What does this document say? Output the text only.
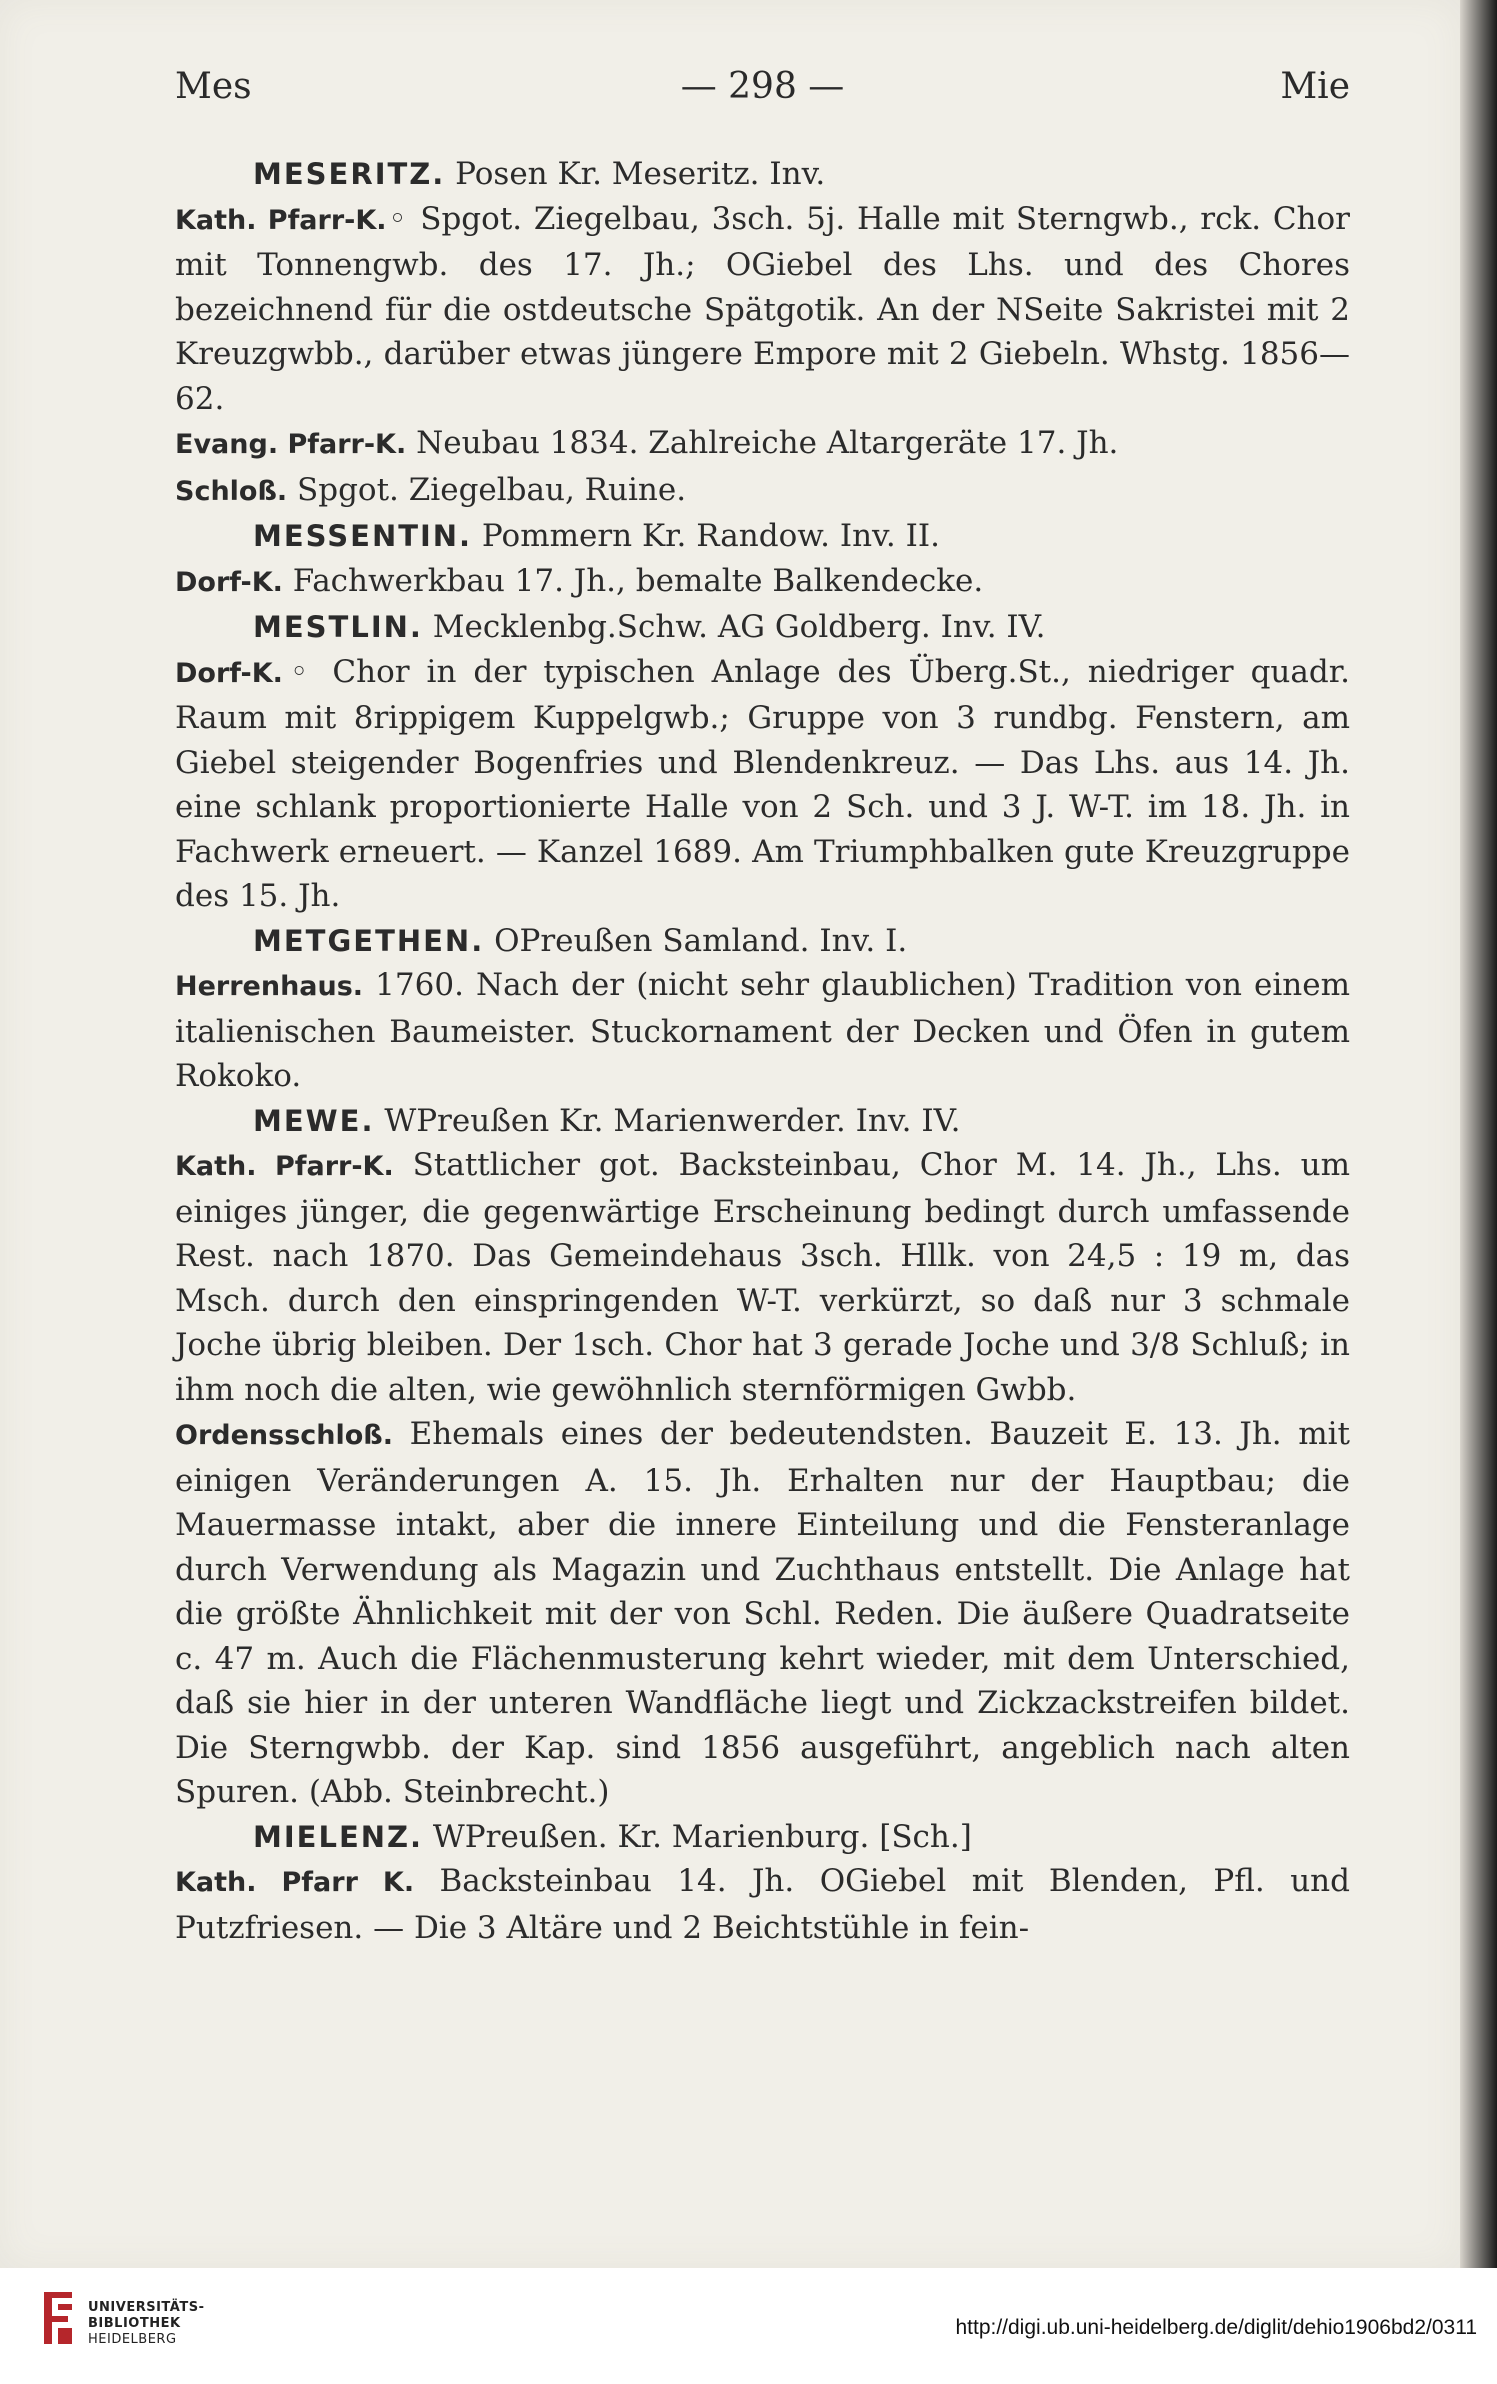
Mes	— 298 —	Mie

MESERITZ. Posen Kr. Meseritz. Inv.

Kath. Pfarr-K.◦ Spgot. Ziegelbau, 3sch. 5j. Halle mit Sterngwb., rck. Chor mit Tonnengwb. des 17. Jh.; OGiebel des Lhs. und des Chores bezeichnend für die ostdeutsche Spätgotik. An der NSeite Sakristei mit 2 Kreuzgwbb., darüber etwas jüngere Empore mit 2 Giebeln. Whstg. 1856—62.

Evang. Pfarr-K. Neubau 1834. Zahlreiche Altargeräte 17. Jh.

Schloß. Spgot. Ziegelbau, Ruine.

MESSENTIN. Pommern Kr. Randow. Inv. II.

Dorf-K. Fachwerkbau 17. Jh., bemalte Balkendecke.

MESTLIN. Mecklenbg.Schw. AG Goldberg. Inv. IV.

Dorf-K.◦ Chor in der typischen Anlage des Überg.St., niedriger quadr. Raum mit 8rippigem Kuppelgwb.; Gruppe von 3 rundbg. Fenstern, am Giebel steigender Bogenfries und Blendenkreuz. — Das Lhs. aus 14. Jh. eine schlank proportionierte Halle von 2 Sch. und 3 J. W-T. im 18. Jh. in Fachwerk erneuert. — Kanzel 1689. Am Triumphbalken gute Kreuzgruppe des 15. Jh.

METGETHEN. OPreußen Samland. Inv. I.

Herrenhaus. 1760. Nach der (nicht sehr glaublichen) Tradition von einem italienischen Baumeister. Stuckornament der Decken und Öfen in gutem Rokoko.

MEWE. WPreußen Kr. Marienwerder. Inv. IV.

Kath. Pfarr-K. Stattlicher got. Backsteinbau, Chor M. 14. Jh., Lhs. um einiges jünger, die gegenwärtige Erscheinung bedingt durch umfassende Rest. nach 1870. Das Gemeindehaus 3sch. Hllk. von 24,5 : 19 m, das Msch. durch den einspringenden W-T. verkürzt, so daß nur 3 schmale Joche übrig bleiben. Der 1sch. Chor hat 3 gerade Joche und 3/8 Schluß; in ihm noch die alten, wie gewöhnlich sternförmigen Gwbb.

Ordensschloß. Ehemals eines der bedeutendsten. Bauzeit E. 13. Jh. mit einigen Veränderungen A. 15. Jh. Erhalten nur der Hauptbau; die Mauermasse intakt, aber die innere Einteilung und die Fensteranlage durch Verwendung als Magazin und Zuchthaus entstellt. Die Anlage hat die größte Ähnlichkeit mit der von Schl. Reden. Die äußere Quadratseite c. 47 m. Auch die Flächenmusterung kehrt wieder, mit dem Unterschied, daß sie hier in der unteren Wandfläche liegt und Zickzackstreifen bildet. Die Sterngwbb. der Kap. sind 1856 ausgeführt, angeblich nach alten Spuren. (Abb. Steinbrecht.)

MIELENZ. WPreußen. Kr. Marienburg. [Sch.]

Kath. Pfarr K. Backsteinbau 14. Jh. OGiebel mit Blenden, Pfl. und Putzfriesen. — Die 3 Altäre und 2 Beichtstühle in fein-

UNIVERSITÄTS-
BIBLIOTHEK
HEIDELBERG
http://digi.ub.uni-heidelberg.de/diglit/dehio1906bd2/0311
